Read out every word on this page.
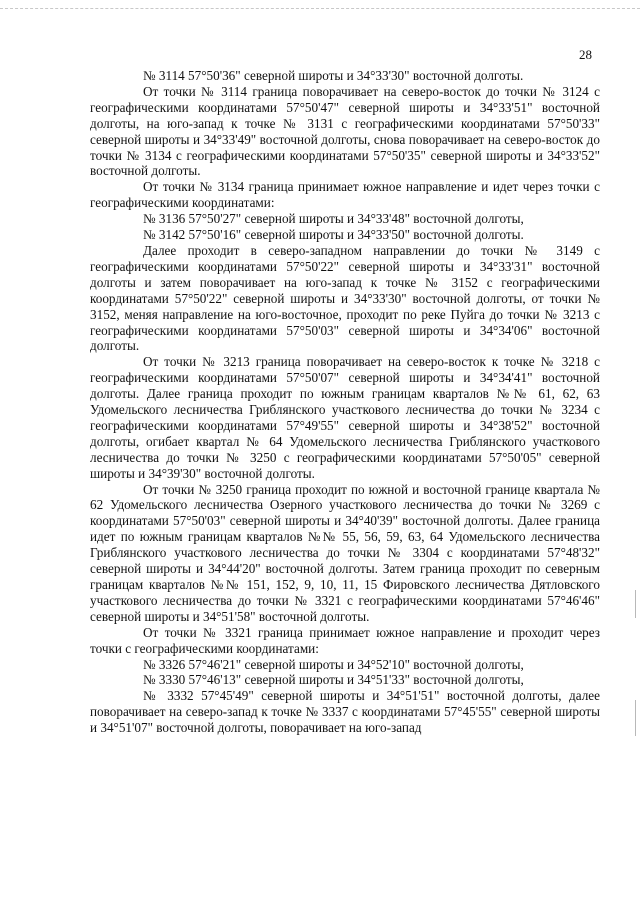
28

№ 3114 57°50'36" северной широты и 34°33'30" восточной долготы.

От точки № 3114 граница поворачивает на северо-восток до точки № 3124 с географическими координатами 57°50'47" северной широты и 34°33'51" восточной долготы, на юго-запад к точке № 3131 с географическими координатами 57°50'33" северной широты и 34°33'49" восточной долготы, снова поворачивает на северо-восток до точки № 3134 с географическими координатами 57°50'35" северной широты и 34°33'52" восточной долготы.

От точки № 3134 граница принимает южное направление и идет через точки с географическими координатами:

№ 3136 57°50'27" северной широты и 34°33'48" восточной долготы,

№ 3142 57°50'16" северной широты и 34°33'50" восточной долготы.

Далее проходит в северо-западном направлении до точки № 3149 с географическими координатами 57°50'22" северной широты и 34°33'31" восточной долготы и затем поворачивает на юго-запад к точке № 3152 с географическими координатами 57°50'22" северной широты и 34°33'30" восточной долготы, от точки № 3152, меняя направление на юго-восточное, проходит по реке Пуйга до точки № 3213 с географическими координатами 57°50'03" северной широты и 34°34'06" восточной долготы.

От точки № 3213 граница поворачивает на северо-восток к точке № 3218 с географическими координатами 57°50'07" северной широты и 34°34'41" восточной долготы. Далее граница проходит по южным границам кварталов №№ 61, 62, 63 Удомельского лесничества Гриблянского участкового лесничества до точки № 3234 с географическими координатами 57°49'55" северной широты и 34°38'52" восточной долготы, огибает квартал № 64 Удомельского лесничества Гриблянского участкового лесничества до точки № 3250 с географическими координатами 57°50'05" северной широты и 34°39'30" восточной долготы.

От точки № 3250 граница проходит по южной и восточной границе квартала № 62 Удомельского лесничества Озерного участкового лесничества до точки № 3269 с координатами 57°50'03" северной широты и 34°40'39" восточной долготы. Далее граница идет по южным границам кварталов №№ 55, 56, 59, 63, 64 Удомельского лесничества Гриблянского участкового лесничества до точки № 3304 с координатами 57°48'32" северной широты и 34°44'20" восточной долготы. Затем граница проходит по северным границам кварталов №№ 151, 152, 9, 10, 11, 15 Фировского лесничества Дятловского участкового лесничества до точки № 3321 с географическими координатами 57°46'46" северной широты и 34°51'58" восточной долготы.

От точки № 3321 граница принимает южное направление и проходит через точки с географическими координатами:

№ 3326 57°46'21" северной широты и 34°52'10" восточной долготы,

№ 3330 57°46'13" северной широты и 34°51'33" восточной долготы,

№ 3332 57°45'49" северной широты и 34°51'51" восточной долготы, далее поворачивает на северо-запад к точке № 3337 с координатами 57°45'55" северной широты и 34°51'07" восточной долготы, поворачивает на юго-запад
